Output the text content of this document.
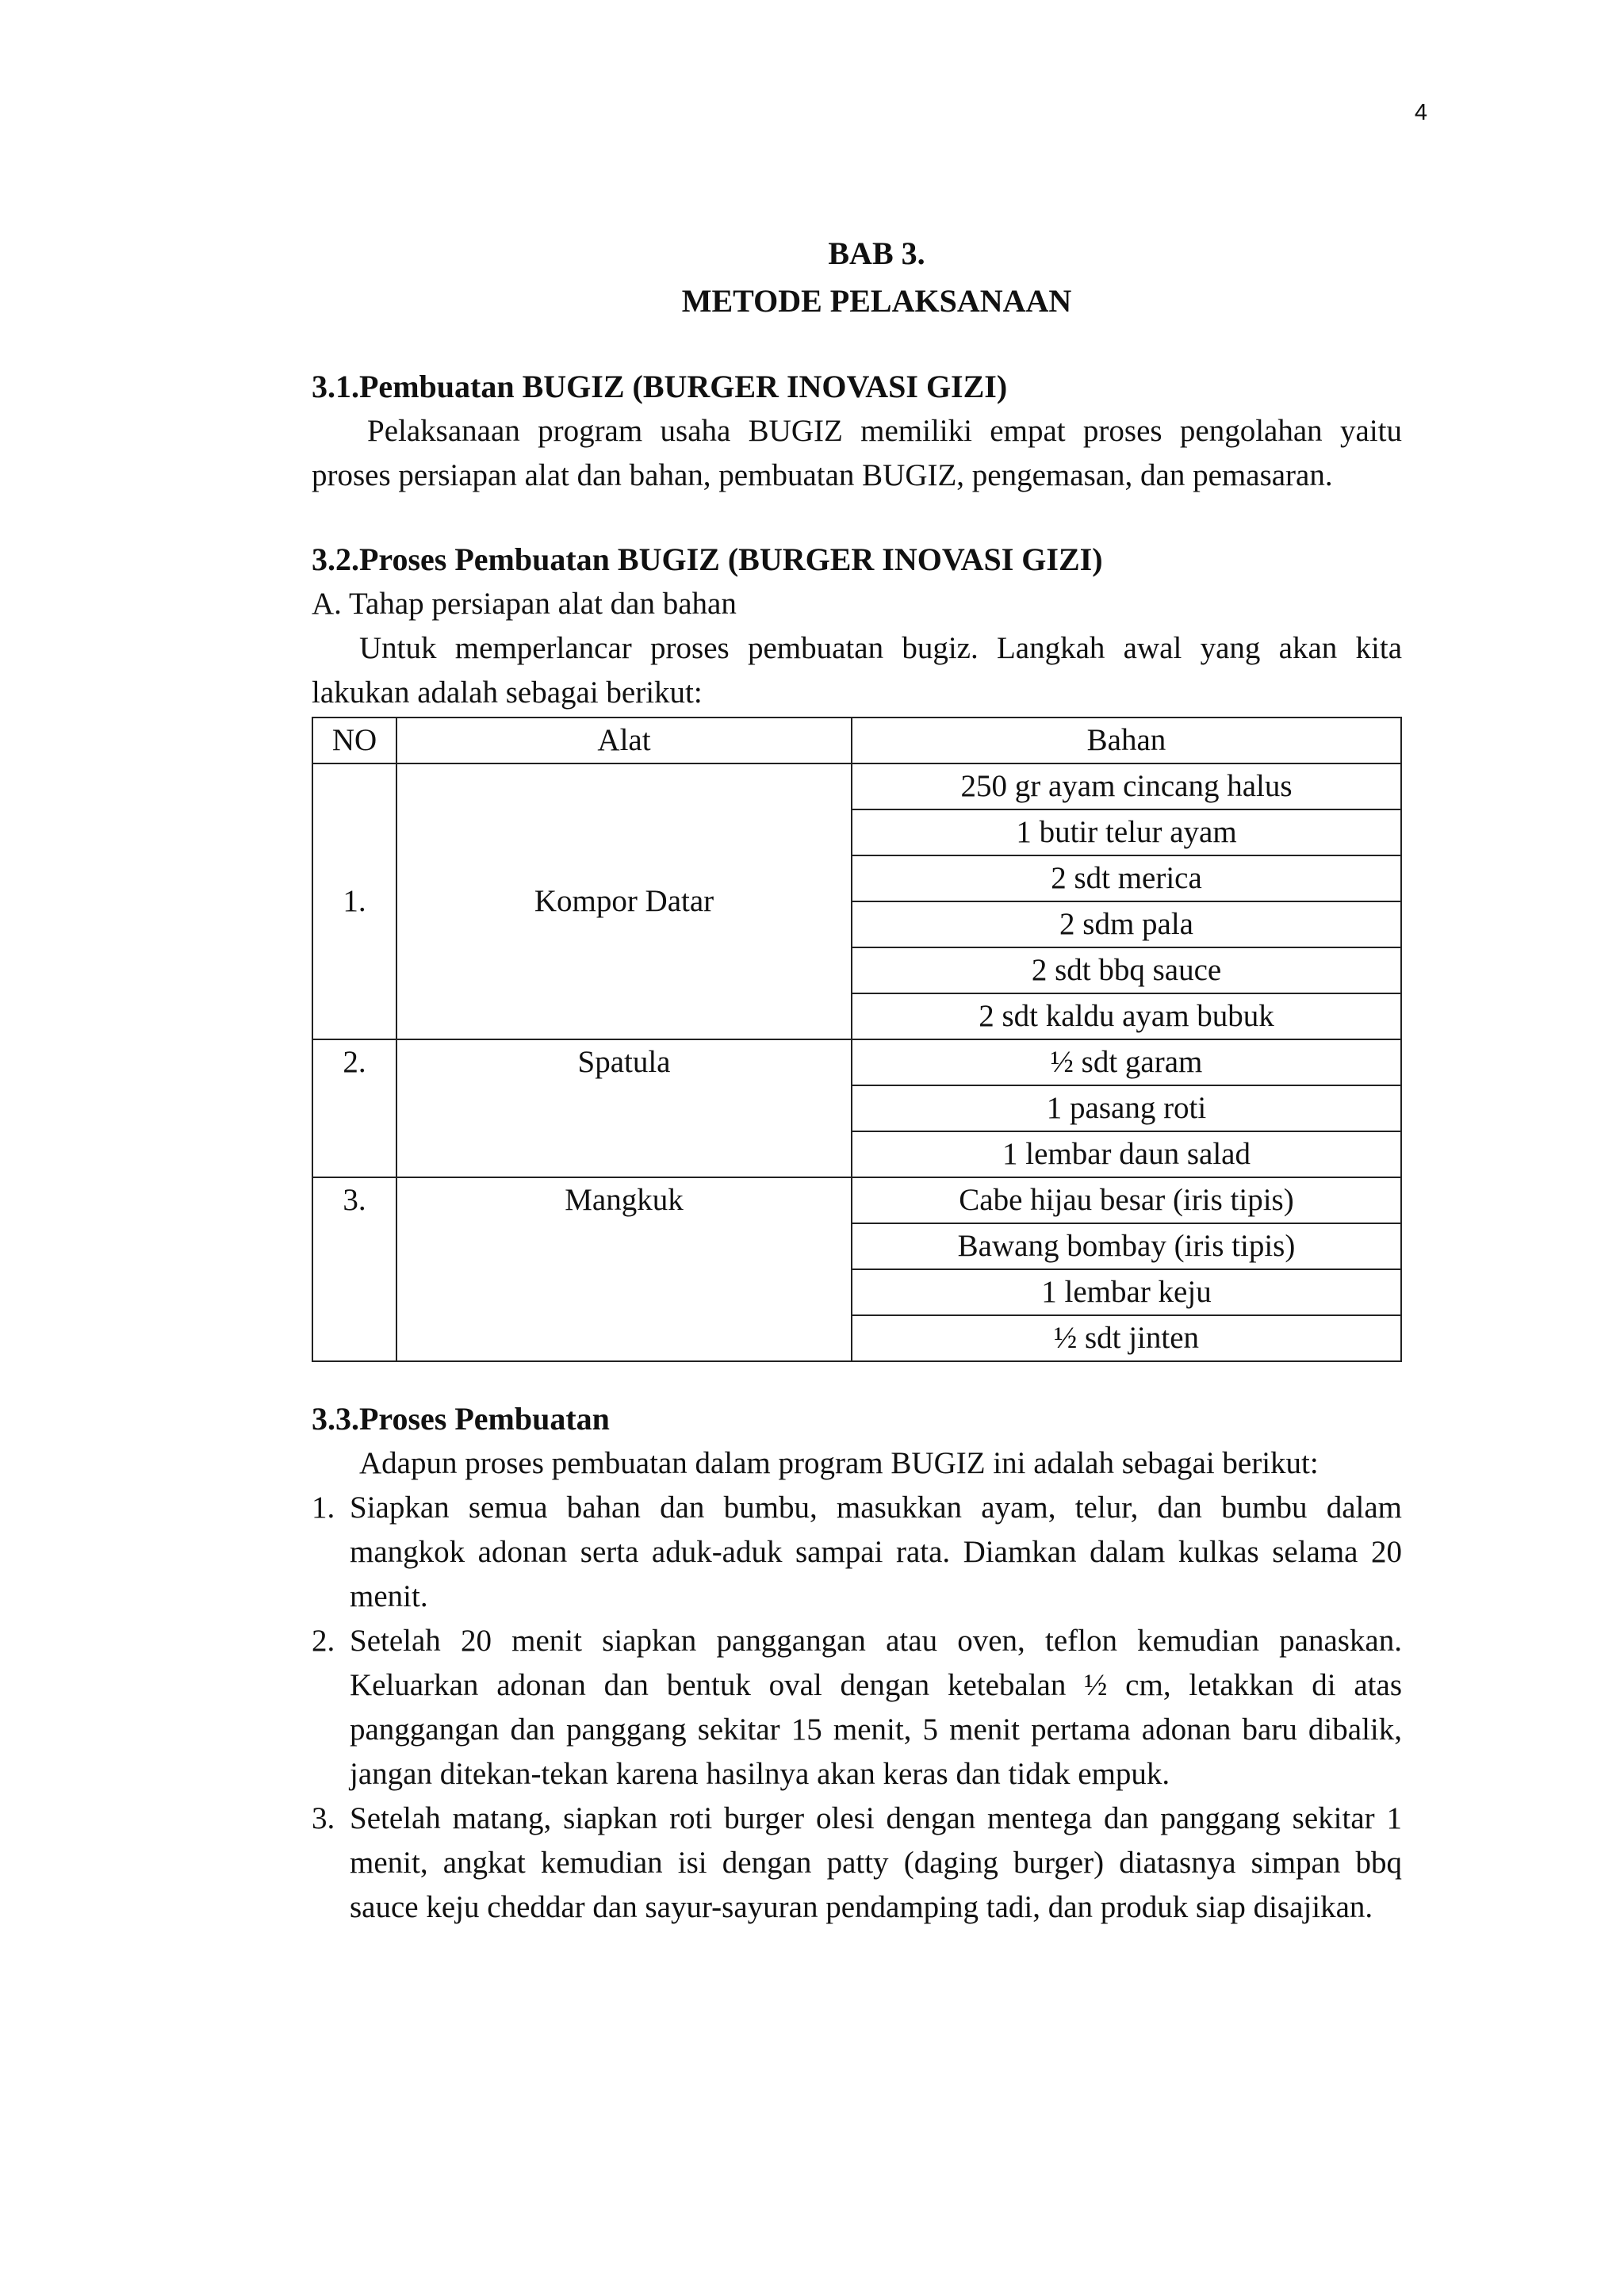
4

BAB 3.

METODE PELAKSANAAN

3.1.Pembuatan BUGIZ (BURGER INOVASI GIZI)

Pelaksanaan program usaha BUGIZ memiliki empat proses pengolahan yaitu proses persiapan alat dan bahan, pembuatan BUGIZ, pengemasan, dan pemasaran.

3.2.Proses Pembuatan BUGIZ (BURGER INOVASI GIZI)

A. Tahap persiapan alat dan bahan

Untuk memperlancar proses pembuatan bugiz. Langkah awal yang akan kita lakukan adalah sebagai berikut:

NO	Alat	Bahan
1.	Kompor Datar	250 gr ayam cincang halus
		1 butir telur ayam
		2 sdt merica
		2 sdm pala
		2 sdt bbq sauce
		2 sdt kaldu ayam bubuk
2.	Spatula	½ sdt garam
		1 pasang roti
		1 lembar daun salad
3.	Mangkuk	Cabe hijau besar (iris tipis)
		Bawang bombay (iris tipis)
		1 lembar keju
		½ sdt jinten

3.3.Proses Pembuatan

Adapun proses pembuatan dalam program BUGIZ ini adalah sebagai berikut:

1. Siapkan semua bahan dan bumbu, masukkan ayam, telur, dan bumbu dalam mangkok adonan serta aduk-aduk sampai rata. Diamkan dalam kulkas selama 20 menit.
2. Setelah 20 menit siapkan panggangan atau oven, teflon kemudian panaskan. Keluarkan adonan dan bentuk oval dengan ketebalan ½ cm, letakkan di atas panggangan dan panggang sekitar 15 menit, 5 menit pertama adonan baru dibalik, jangan ditekan-tekan karena hasilnya akan keras dan tidak empuk.
3. Setelah matang, siapkan roti burger olesi dengan mentega dan panggang sekitar 1 menit, angkat kemudian isi dengan patty (daging burger) diatasnya simpan bbq sauce keju cheddar dan sayur-sayuran pendamping tadi, dan produk siap disajikan.
